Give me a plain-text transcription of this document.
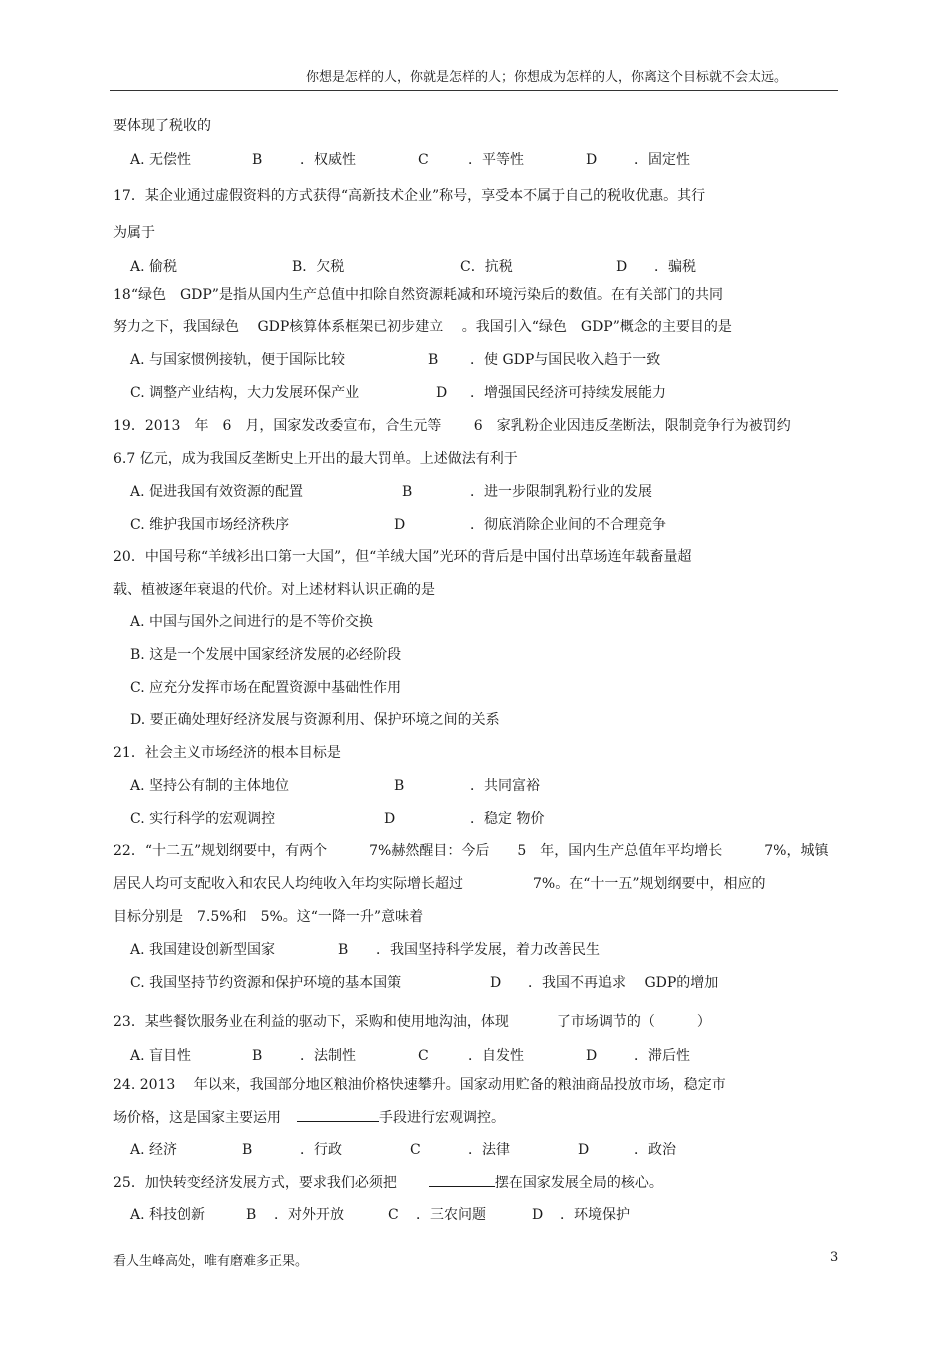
你想是怎样的人，你就是怎样的人；你想成为怎样的人，你离这个目标就不会太远。
要体现了税收的
A. 无偿性	B	．权威性	C	．平等性	D	．固定性
17．某企业通过虚假资料的方式获得“高新技术企业”称号，享受本不属于自己的税收优惠。其行
为属于
A. 偷税	B．欠税	C．抗税	D ．骗税
18“绿色　GDP”是指从国内生产总值中扣除自然资源耗减和环境污染后的数值。在有关部门的共同
努力之下，我国绿色　 GDP核算体系框架已初步建立　 。我国引入“绿色　GDP”概念的主要目的是
A. 与国家惯例接轨，便于国际比较	B ．使 GDP与国民收入趋于一致
C. 调整产业结构，大力发展环保产业	D ．增强国民经济可持续发展能力
19．2013　年　6　月，国家发改委宣布，合生元等　　 6　家乳粉企业因违反垄断法，限制竞争行为被罚约
6.7 亿元，成为我国反垄断史上开出的最大罚单。上述做法有利于
A. 促进我国有效资源的配置	B	．进一步限制乳粉行业的发展
C. 维护我国市场经济秩序	D	．彻底消除企业间的不合理竞争
20．中国号称“羊绒衫出口第一大国”，但“羊绒大国”光环的背后是中国付出草场连年载畜量超
载、植被逐年衰退的代价。对上述材料认识正确的是
A. 中国与国外之间进行的是不等价交换
B. 这是一个发展中国家经济发展的必经阶段
C. 应充分发挥市场在配置资源中基础性作用
D. 要正确处理好经济发展与资源利用、保护环境之间的关系
21．社会主义市场经济的根本目标是
A. 坚持公有制的主体地位	B	．共同富裕
C. 实行科学的宏观调控	D	．稳定 物价
22．“十二五”规划纲要中，有两个　　　7%赫然醒目：今后　　5　年，国内生产总值年平均增长　　　7%，城镇
居民人均可支配收入和农民人均纯收入年均实际增长超过　　　　　7%。在“十一五”规划纲要中，相应的
目标分别是　7.5%和　5%。这“一降一升”意味着
A. 我国建设创新型国家	B ．我国坚持科学发展，着力改善民生
C. 我国坚持节约资源和保护环境的基本国策	D ．我国不再追求　 GDP的增加
23．某些餐饮服务业在利益的驱动下，采购和使用地沟油，体现	了市场调节的（　　　）
A. 盲目性	B	．法制性	C	．自发性	D	．滞后性
24. 2013　 年以来，我国部分地区粮油价格快速攀升。国家动用贮备的粮油商品投放市场，稳定市
场价格，这是国家主要运用	手段进行宏观调控。
A. 经济	B	．行政	C	．法律	D	．政治
25．加快转变经济发展方式，要求我们必须把	摆在国家发展全局的核心。
A. 科技创新	B ．对外开放	C ．三农问题	D ．环境保护
看人生峰高处，唯有磨难多正果。	3
